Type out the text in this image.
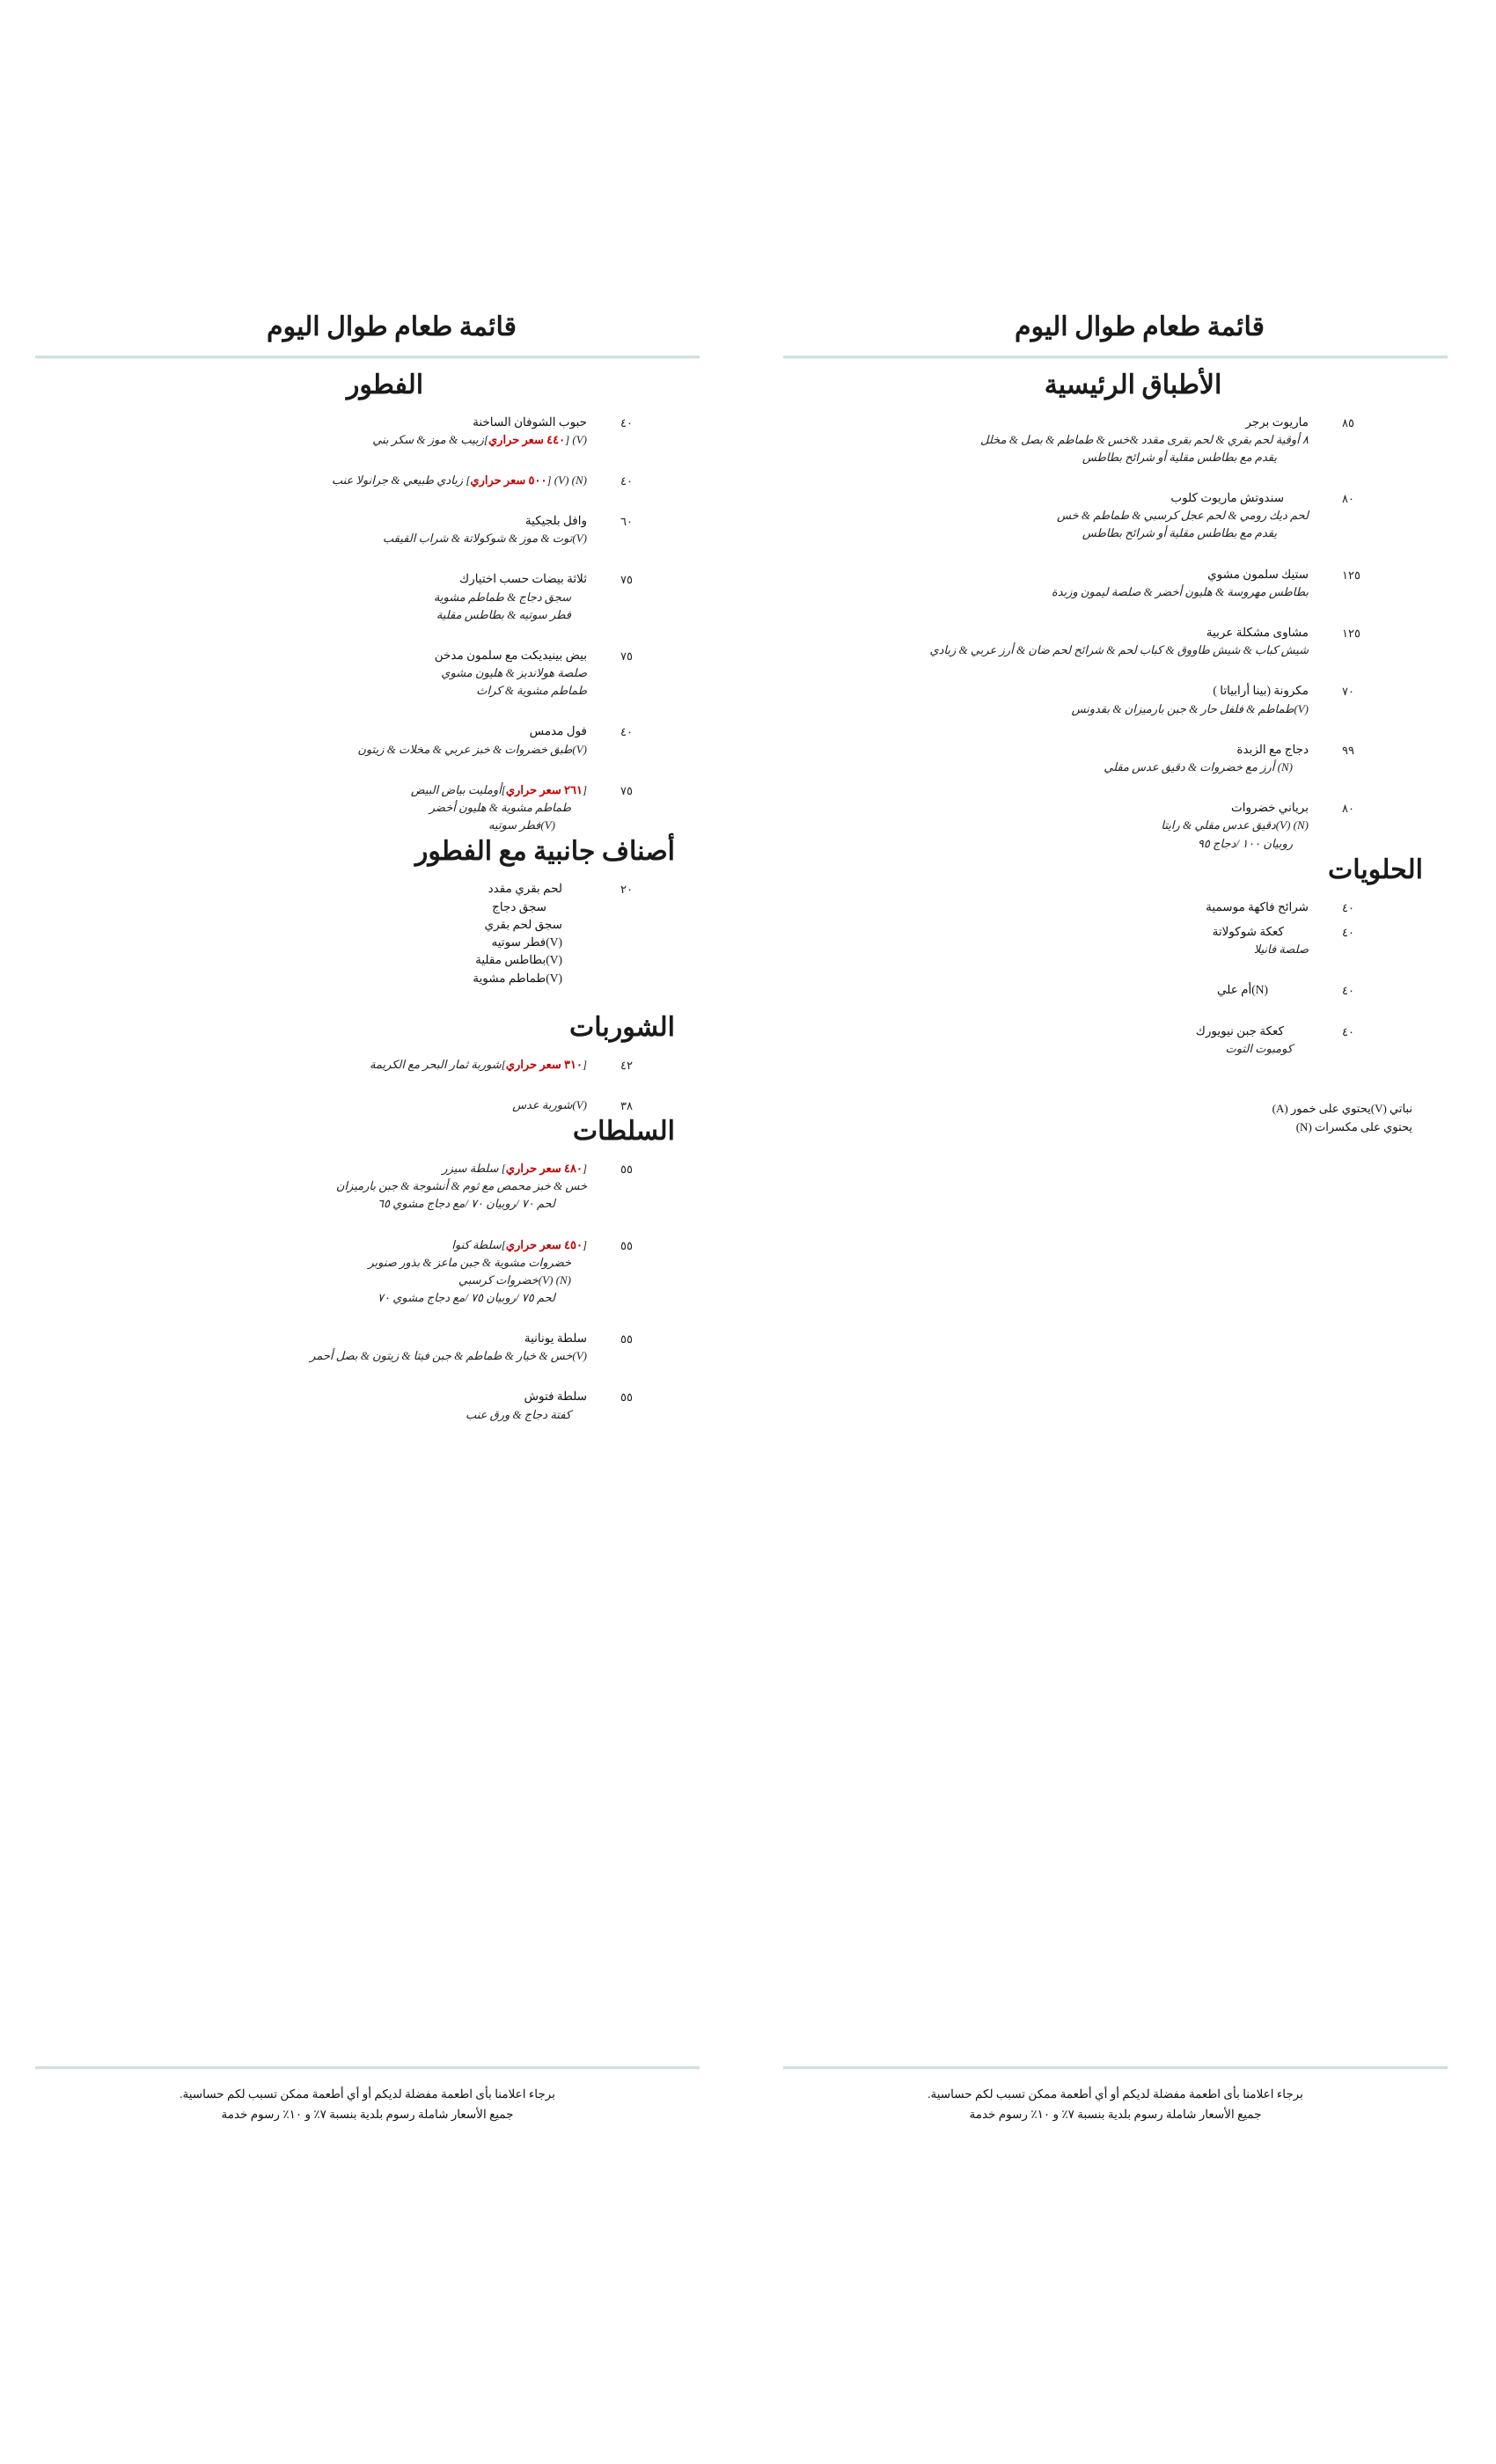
قائمة طعام طوال اليوم
الأطباق الرئيسية
٨٥
ماريوت برجر
٨ أوقية لحم بقري & لحم بقرى مقدد &خس & طماطم & بصل & مخلل
يقدم مع بطاطس مقلية أو شرائح بطاطس
٨٠
سندوتش ماريوت كلوب
لحم ديك رومي & لحم عجل كرسبي & طماطم & خس
يقدم مع بطاطس مقلية أو شرائح بطاطس
١٢٥
ستيك سلمون مشوي
بطاطس مهروسة & هليون أخضر & صلصة ليمون وزبدة
١٢٥
مشاوى مشكلة عربية
شيش كباب & شيش طاووق & كباب لحم & شرائح لحم ضان & أرز عربي & زبادي
٧٠
مكرونة (بينا أرابياتا )
(V)طماطم & فلفل حار & جبن بارميزان & بقدونس
٩٩
دجاج مع الزبدة
(N) أرز مع خضروات & دقيق عدس مقلي
٨٠
برياني خضروات
(N) (V)دقيق عدس مقلي & رايتا
روبيان ١٠٠ /دجاج ٩٥
الحلويات
٤٠
شرائح فاكهة موسمية
٤٠
كعكة شوكولاتة
صلصة فانيلا
٤٠
(N)أم علي
٤٠
كعكة جبن نيويورك
كومبوت التوت
نباتي (V)يحتوي على خمور (A)
يحتوي على مكسرات (N)
برجاء اعلامنا بأى اطعمة مفضلة لديكم أو أي أطعمة ممكن تسبب لكم حساسية.
جميع الأسعار شاملة رسوم بلدية بنسبة ٧٪ و ١٠٪ رسوم خدمة
قائمة طعام طوال اليوم
الفطور
٤٠
حبوب الشوفان الساخنة
(V) [٤٤٠ سعر حراري]زبيب & موز & سكر بني
٤٠
(N) (V) [٥٠٠ سعر حراري] زبادي طبيعي & جرانولا عنب
٦٠
وافل بلجيكية
(V)توت & موز & شوكولاتة & شراب القيقب
٧٥
ثلاثة بيضات حسب اختيارك
سجق دجاج & طماطم مشوية
فطر سوتيه & بطاطس مقلية
٧٥
بيض بينيديكت مع سلمون مدخن
صلصة هولانديز & هليون مشوي
طماطم مشوية & كراث
٤٠
فول مدمس
(V)طبق خضروات & خبز عربي & مخلات & زيتون
٧٥
[٢٦١ سعر حراري]أومليت بياض البيض
طماطم مشوية & هليون أخضر
(V)فطر سوتيه
أصناف جانبية مع الفطور
٢٠
لحم بقري مقدد
سجق دجاج
سجق لحم بقري
(V)فطر سوتيه
(V)بطاطس مقلية
(V)طماطم مشوية
الشوربات
٤٢
[٣١٠ سعر حراري]شوربة ثمار البحر مع الكريمة
٣٨
(V)شوربة عدس
السلطات
٥٥
[٤٨٠ سعر حراري] سلطة سيزر
خس & خبز محمص مع ثوم & أنشوجة & جبن بارميزان
لحم ٧٠ /روبيان ٧٠ /مع دجاج مشوي ٦٥
٥٥
[٤٥٠ سعر حراري]سلطة كنوا
خضروات مشوية & جبن ماعز & بذور صنوبر
(N) (V)خضروات كرسبي
لحم ٧٥ /روبيان ٧٥ /مع دجاج مشوي ٧٠
٥٥
سلطة يونانية
(V)خس & خيار & طماطم & جبن فيتا & زيتون & بصل أحمر
٥٥
سلطة فتوش
كفتة دجاج & ورق عنب
برجاء اعلامنا بأى اطعمة مفضلة لديكم أو أي أطعمة ممكن تسبب لكم حساسية.
جميع الأسعار شاملة رسوم بلدية بنسبة ٧٪ و ١٠٪ رسوم خدمة
